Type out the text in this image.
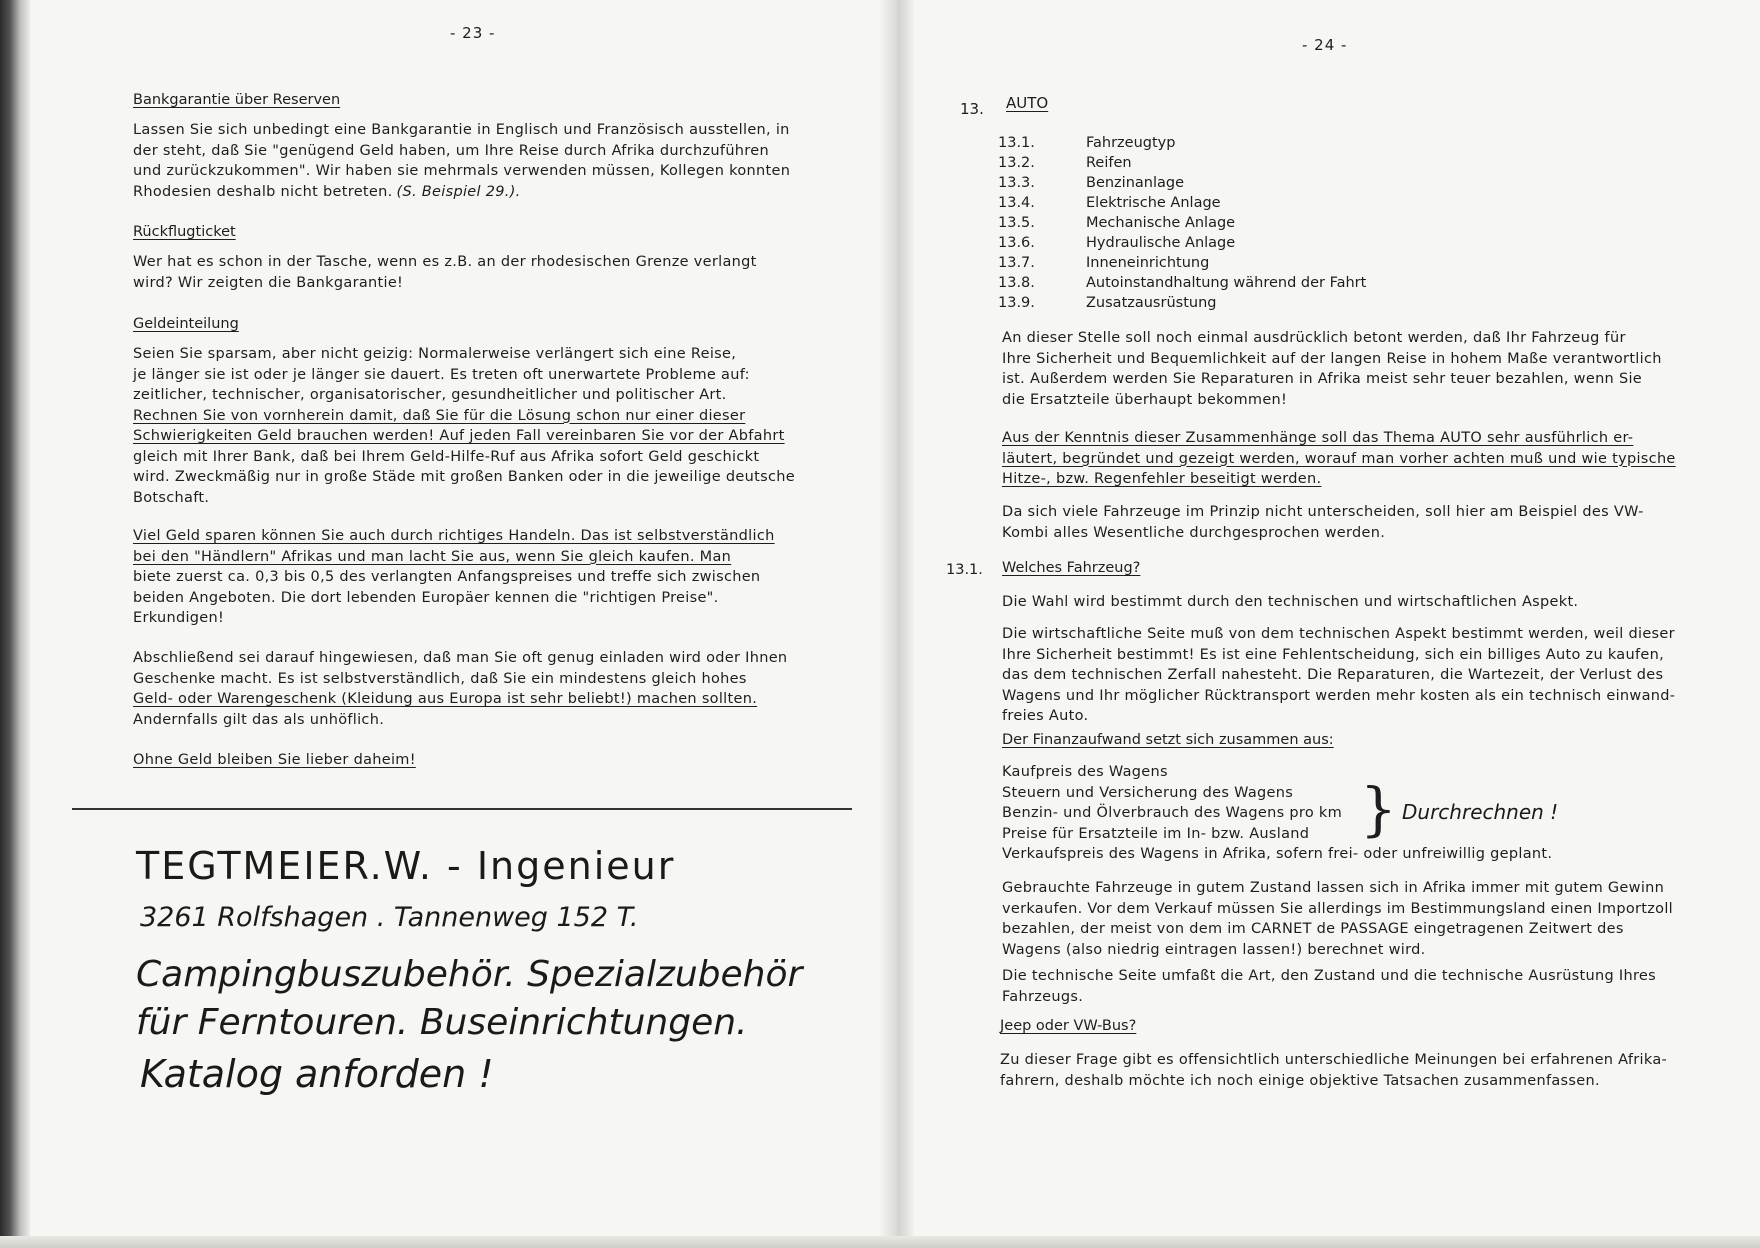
- 23 -
Bankgarantie über Reserven

Lassen Sie sich unbedingt eine Bankgarantie in Englisch und Französisch ausstellen, in

der steht, daß Sie "genügend Geld haben, um Ihre Reise durch Afrika durchzuführen

und zurückzukommen". Wir haben sie mehrmals verwenden müssen, Kollegen konnten

Rhodesien deshalb nicht betreten. (S. Beispiel 29.).

Rückflugticket

Wer hat es schon in der Tasche, wenn es z.B. an der rhodesischen Grenze verlangt

wird? Wir zeigten die Bankgarantie!

Geldeinteilung

Seien Sie sparsam, aber nicht geizig: Normalerweise verlängert sich eine Reise,

je länger sie ist oder je länger sie dauert. Es treten oft unerwartete Probleme auf:

zeitlicher, technischer, organisatorischer, gesundheitlicher und politischer Art.

Rechnen Sie von vornherein damit, daß Sie für die Lösung schon nur einer dieser

Schwierigkeiten Geld brauchen werden! Auf jeden Fall vereinbaren Sie vor der Abfahrt

gleich mit Ihrer Bank, daß bei Ihrem Geld-Hilfe-Ruf aus Afrika sofort Geld geschickt

wird. Zweckmäßig nur in große Städe mit großen Banken oder in die jeweilige deutsche

Botschaft.

Viel Geld sparen können Sie auch durch richtiges Handeln. Das ist selbstverständlich

bei den "Händlern" Afrikas und man lacht Sie aus, wenn Sie gleich kaufen. Man

biete zuerst ca. 0,3 bis 0,5 des verlangten Anfangspreises und treffe sich zwischen

beiden Angeboten. Die dort lebenden Europäer kennen die "richtigen Preise".

Erkundigen!

Abschließend sei darauf hingewiesen, daß man Sie oft genug einladen wird oder Ihnen

Geschenke macht. Es ist selbstverständlich, daß Sie ein mindestens gleich hohes

Geld- oder Warengeschenk (Kleidung aus Europa ist sehr beliebt!) machen sollten.

Andernfalls gilt das als unhöflich.

Ohne Geld bleiben Sie lieber daheim!

TEGTMEIER.W. - Ingenieur
3261 Rolfshagen . Tannenweg 152 T.
Campingbuszubehör. Spezialzubehör
für Ferntouren. Buseinrichtungen.
Katalog anforden !
- 24 -
13. AUTO
13.1.	Fahrzeugtyp
13.2.	Reifen
13.3.	Benzinanlage
13.4.	Elektrische Anlage
13.5.	Mechanische Anlage
13.6.	Hydraulische Anlage
13.7.	Inneneinrichtung
13.8.	Autoinstandhaltung während der Fahrt
13.9.	Zusatzausrüstung

An dieser Stelle soll noch einmal ausdrücklich betont werden, daß Ihr Fahrzeug für

Ihre Sicherheit und Bequemlichkeit auf der langen Reise in hohem Maße verantwortlich

ist. Außerdem werden Sie Reparaturen in Afrika meist sehr teuer bezahlen, wenn Sie

die Ersatzteile überhaupt bekommen!

Aus der Kenntnis dieser Zusammenhänge soll das Thema AUTO sehr ausführlich er-

läutert, begründet und gezeigt werden, worauf man vorher achten muß und wie typische

Hitze-, bzw. Regenfehler beseitigt werden.

Da sich viele Fahrzeuge im Prinzip nicht unterscheiden, soll hier am Beispiel des VW-

Kombi alles Wesentliche durchgesprochen werden.

13.1. Welches Fahrzeug?

Die Wahl wird bestimmt durch den technischen und wirtschaftlichen Aspekt.

Die wirtschaftliche Seite muß von dem technischen Aspekt bestimmt werden, weil dieser

Ihre Sicherheit bestimmt! Es ist eine Fehlentscheidung, sich ein billiges Auto zu kaufen,

das dem technischen Zerfall nahesteht. Die Reparaturen, die Wartezeit, der Verlust des

Wagens und Ihr möglicher Rücktransport werden mehr kosten als ein technisch einwand-

freies Auto.

Der Finanzaufwand setzt sich zusammen aus:

Kaufpreis des Wagens

Steuern und Versicherung des Wagens

Benzin- und Ölverbrauch des Wagens pro km

Preise für Ersatzteile im In- bzw. Ausland

Verkaufspreis des Wagens in Afrika, sofern frei- oder unfreiwillig geplant.

} Durchrechnen !

Gebrauchte Fahrzeuge in gutem Zustand lassen sich in Afrika immer mit gutem Gewinn

verkaufen. Vor dem Verkauf müssen Sie allerdings im Bestimmungsland einen Importzoll

bezahlen, der meist von dem im CARNET de PASSAGE eingetragenen Zeitwert des

Wagens (also niedrig eintragen lassen!) berechnet wird.

Die technische Seite umfaßt die Art, den Zustand und die technische Ausrüstung Ihres

Fahrzeugs.

Jeep oder VW-Bus?

Zu dieser Frage gibt es offensichtlich unterschiedliche Meinungen bei erfahrenen Afrika-

fahrern, deshalb möchte ich noch einige objektive Tatsachen zusammenfassen.
